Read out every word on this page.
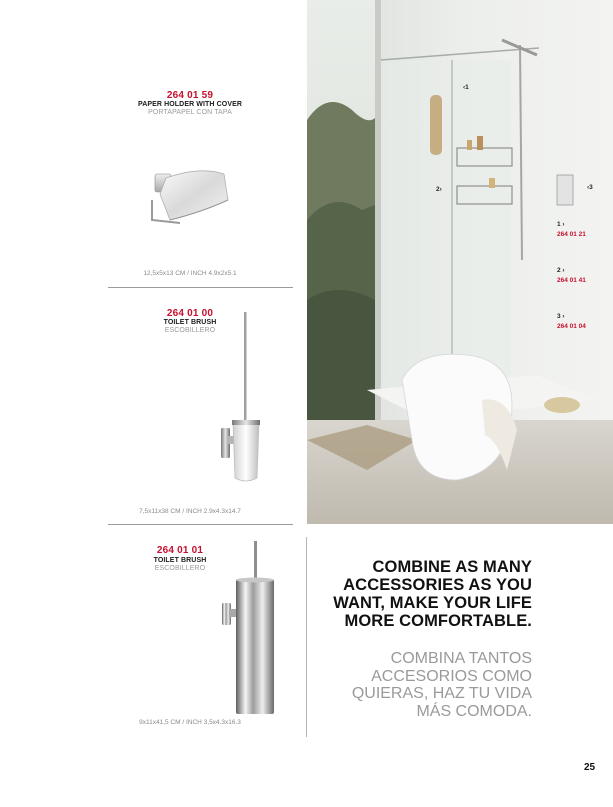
264 01 59
PAPER HOLDER WITH COVER
PORTAPAPEL CON TAPA
12,5x5x13 CM / INCH 4.9x2x5.1
264 01 00
TOILET BRUSH
ESCOBILLERO
7,5x11x38 CM / INCH 2.9x4.3x14.7
264 01 01
TOILET BRUSH
ESCOBILLERO
9x11x41,5 CM / INCH 3,5x4.3x16.3
‹1
2›	‹3
1 ›
264 01 21
2 ›
264 01 41
3 ›
264 01 04
COMBINE AS MANY
ACCESSORIES AS YOU
WANT, MAKE YOUR LIFE
MORE COMFORTABLE.
COMBINA TANTOS
ACCESORIOS COMO
QUIERAS, HAZ TU VIDA
MÁS COMODA.
25
